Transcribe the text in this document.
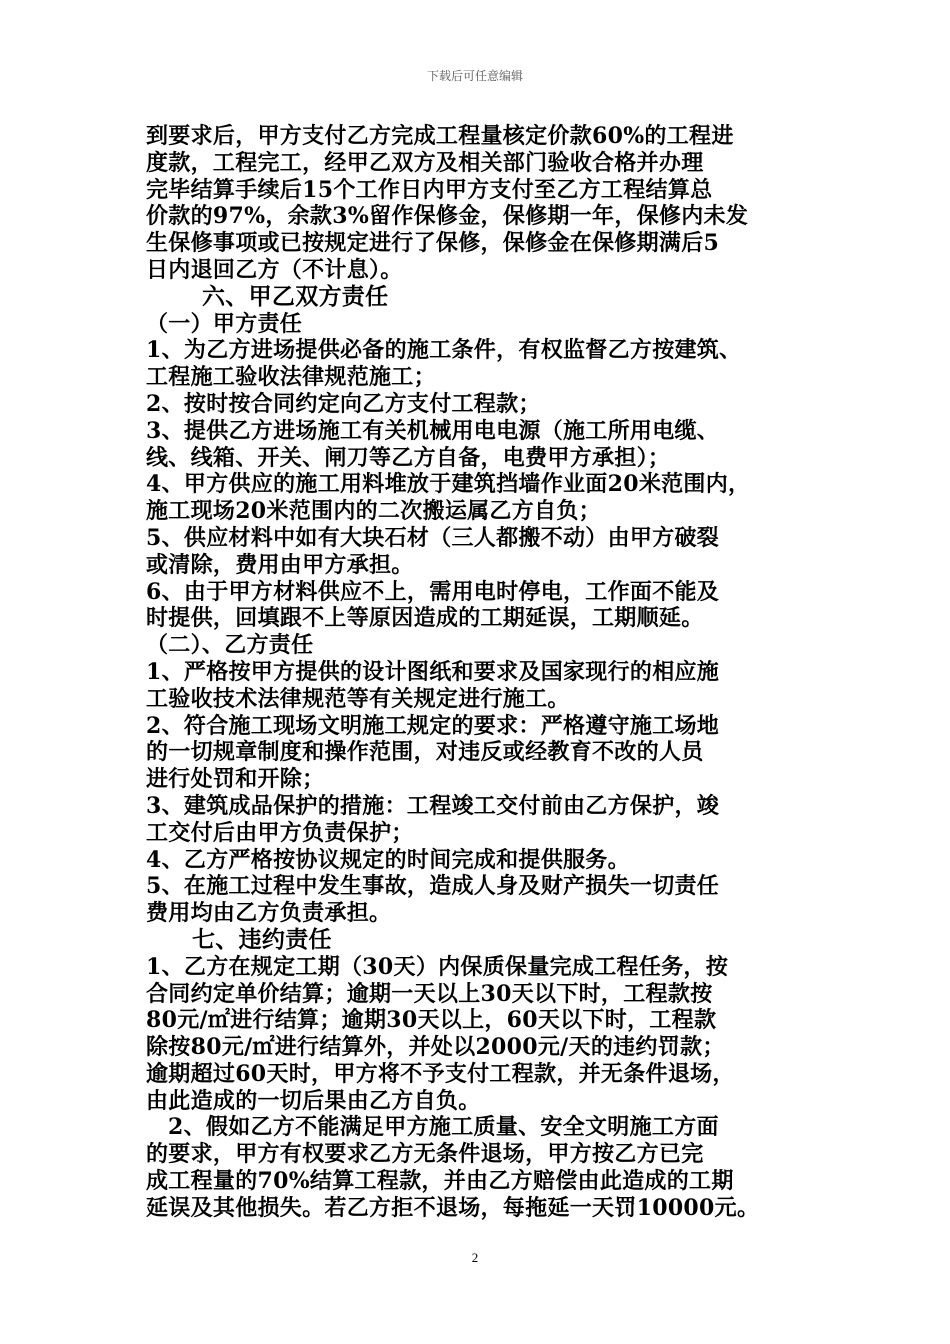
下载后可任意编辑
到要求后，甲方支付乙方完成工程量核定价款60%的工程进
度款，工程完工，经甲乙双方及相关部门验收合格并办理
完毕结算手续后15个工作日内甲方支付至乙方工程结算总
价款的97%，余款3%留作保修金，保修期一年，保修内未发
生保修事项或已按规定进行了保修，保修金在保修期满后5
日内退回乙方（不计息）。
六、甲乙双方责任
（一）甲方责任
1、为乙方进场提供必备的施工条件，有权监督乙方按建筑、
工程施工验收法律规范施工；
2、按时按合同约定向乙方支付工程款；
3、提供乙方进场施工有关机械用电电源（施工所用电缆、
线、线箱、开关、闸刀等乙方自备，电费甲方承担）；
4、甲方供应的施工用料堆放于建筑挡墙作业面20米范围内，
施工现场20米范围内的二次搬运属乙方自负；
5、供应材料中如有大块石材（三人都搬不动）由甲方破裂
或清除，费用由甲方承担。
6、由于甲方材料供应不上，需用电时停电，工作面不能及
时提供，回填跟不上等原因造成的工期延误，工期顺延。
（二）、乙方责任
1、严格按甲方提供的设计图纸和要求及国家现行的相应施
工验收技术法律规范等有关规定进行施工。
2、符合施工现场文明施工规定的要求：严格遵守施工场地
的一切规章制度和操作范围，对违反或经教育不改的人员
进行处罚和开除；
3、建筑成品保护的措施：工程竣工交付前由乙方保护，竣
工交付后由甲方负责保护；
4、乙方严格按协议规定的时间完成和提供服务。
5、在施工过程中发生事故，造成人身及财产损失一切责任
费用均由乙方负责承担。
七、违约责任
1、乙方在规定工期（30天）内保质保量完成工程任务，按
合同约定单价结算；逾期一天以上30天以下时，工程款按
80元/㎡进行结算；逾期30天以上，60天以下时，工程款
除按80元/㎡进行结算外，并处以2000元/天的违约罚款；
逾期超过60天时，甲方将不予支付工程款，并无条件退场，
由此造成的一切后果由乙方自负。
2、假如乙方不能满足甲方施工质量、安全文明施工方面
的要求，甲方有权要求乙方无条件退场，甲方按乙方已完
成工程量的70%结算工程款，并由乙方赔偿由此造成的工期
延误及其他损失。若乙方拒不退场，每拖延一天罚10000元。
2
